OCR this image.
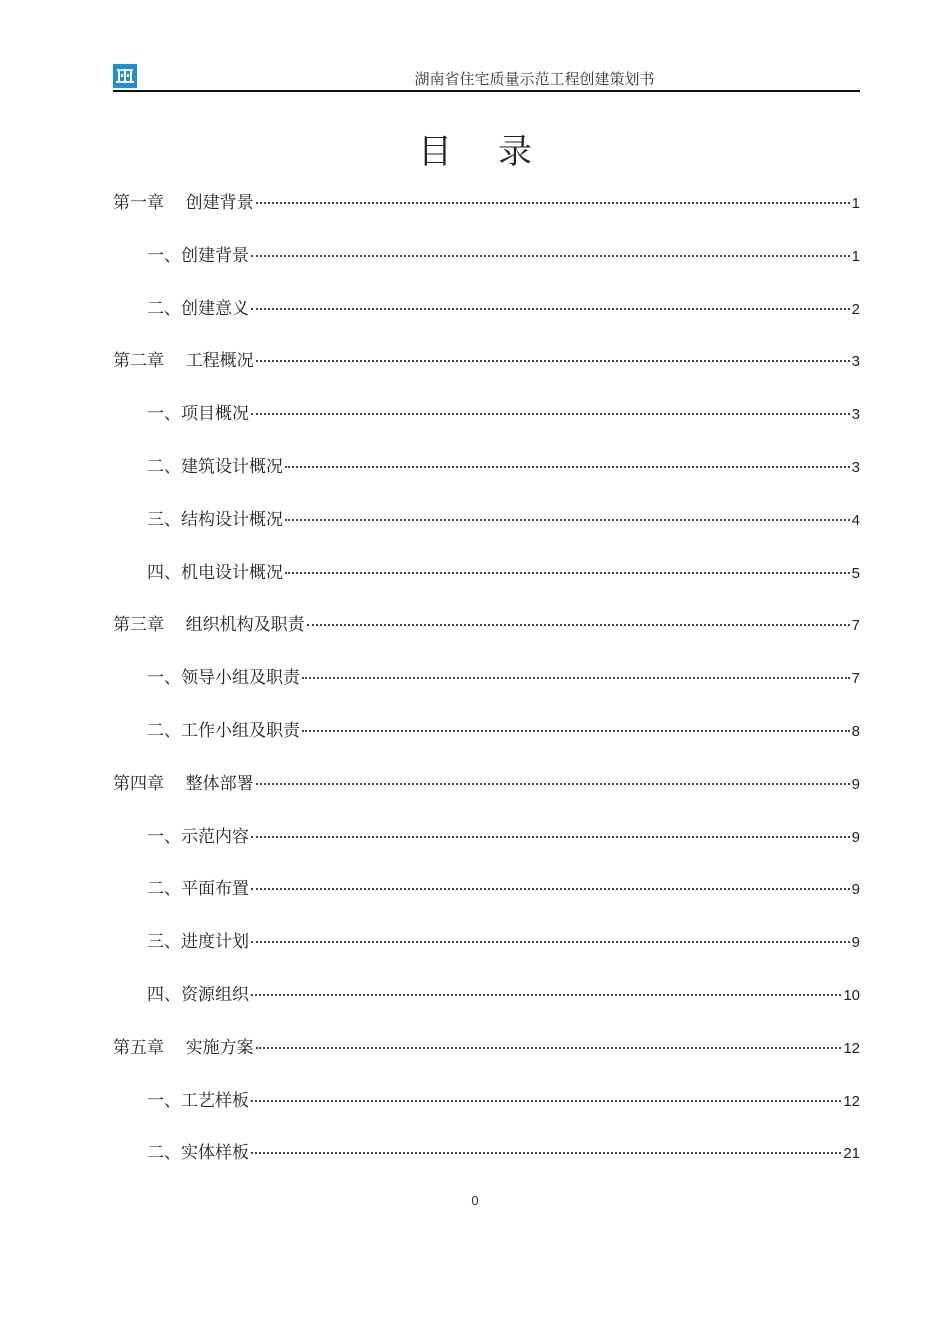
湖南省住宅质量示范工程创建策划书
目录
第一章    创建背景	1
一、创建背景	1
二、创建意义	2
第二章    工程概况	3
一、项目概况	3
二、建筑设计概况	3
三、结构设计概况	4
四、机电设计概况	5
第三章    组织机构及职责	7
一、领导小组及职责	7
二、工作小组及职责	8
第四章    整体部署	9
一、示范内容	9
二、平面布置	9
三、进度计划	9
四、资源组织	10
第五章    实施方案	12
一、工艺样板	12
二、实体样板	21
0
